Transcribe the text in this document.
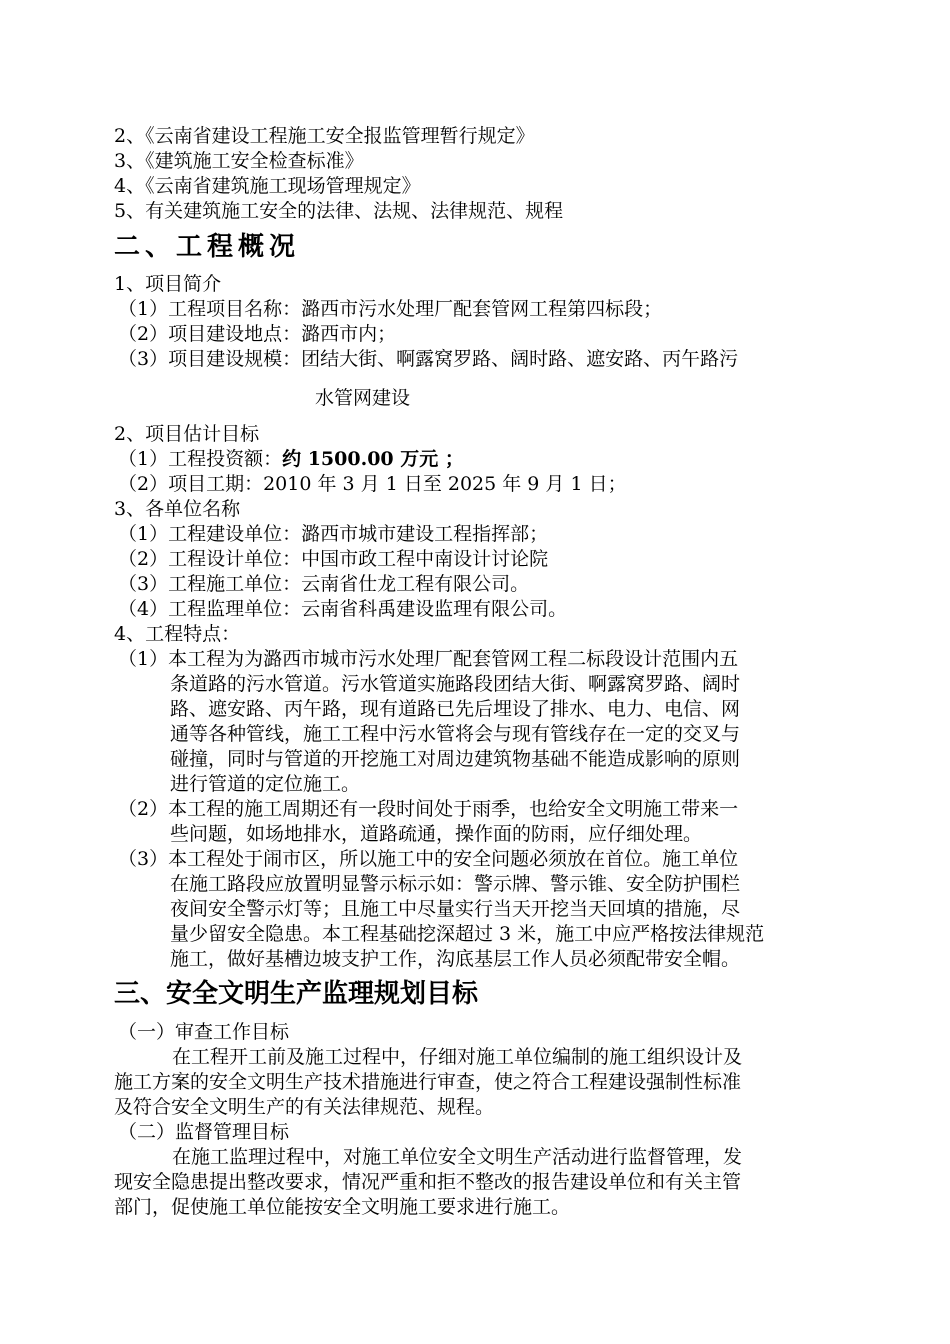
2、《云南省建设工程施工安全报监管理暂行规定》
3、《建筑施工安全检查标准》
4、《云南省建筑施工现场管理规定》
5、有关建筑施工安全的法律、法规、法律规范、规程
二、工程概况
1、项目简介
（1）工程项目名称：潞西市污水处理厂配套管网工程第四标段；
（2）项目建设地点：潞西市内；
（3）项目建设规模：团结大街、啊露窝罗路、阔时路、遮安路、丙午路污
水管网建设
2、项目估计目标
（1）工程投资额：约 1500.00 万元 ；
（2）项目工期：2010 年 3 月 1 日至 2025 年 9 月 1 日；
3、各单位名称
（1）工程建设单位：潞西市城市建设工程指挥部；
（2）工程设计单位：中国市政工程中南设计讨论院
（3）工程施工单位：云南省仕龙工程有限公司。
（4）工程监理单位：云南省科禹建设监理有限公司。
4、工程特点：
（1）本工程为为潞西市城市污水处理厂配套管网工程二标段设计范围内五
条道路的污水管道。污水管道实施路段团结大街、啊露窝罗路、阔时
路、遮安路、丙午路，现有道路已先后埋设了排水、电力、电信、网
通等各种管线，施工工程中污水管将会与现有管线存在一定的交叉与
碰撞，同时与管道的开挖施工对周边建筑物基础不能造成影响的原则
进行管道的定位施工。
（2）本工程的施工周期还有一段时间处于雨季，也给安全文明施工带来一
些问题，如场地排水，道路疏通，操作面的防雨，应仔细处理。
（3）本工程处于闹市区，所以施工中的安全问题必须放在首位。施工单位
在施工路段应放置明显警示标示如：警示牌、警示锥、安全防护围栏
夜间安全警示灯等；且施工中尽量实行当天开挖当天回填的措施，尽
量少留安全隐患。本工程基础挖深超过 3 米，施工中应严格按法律规范
施工，做好基槽边坡支护工作，沟底基层工作人员必须配带安全帽。
三、安全文明生产监理规划目标
（一）审查工作目标
在工程开工前及施工过程中，仔细对施工单位编制的施工组织设计及
施工方案的安全文明生产技术措施进行审查，使之符合工程建设强制性标准
及符合安全文明生产的有关法律规范、规程。
（二）监督管理目标
在施工监理过程中，对施工单位安全文明生产活动进行监督管理，发
现安全隐患提出整改要求，情况严重和拒不整改的报告建设单位和有关主管
部门，促使施工单位能按安全文明施工要求进行施工。
